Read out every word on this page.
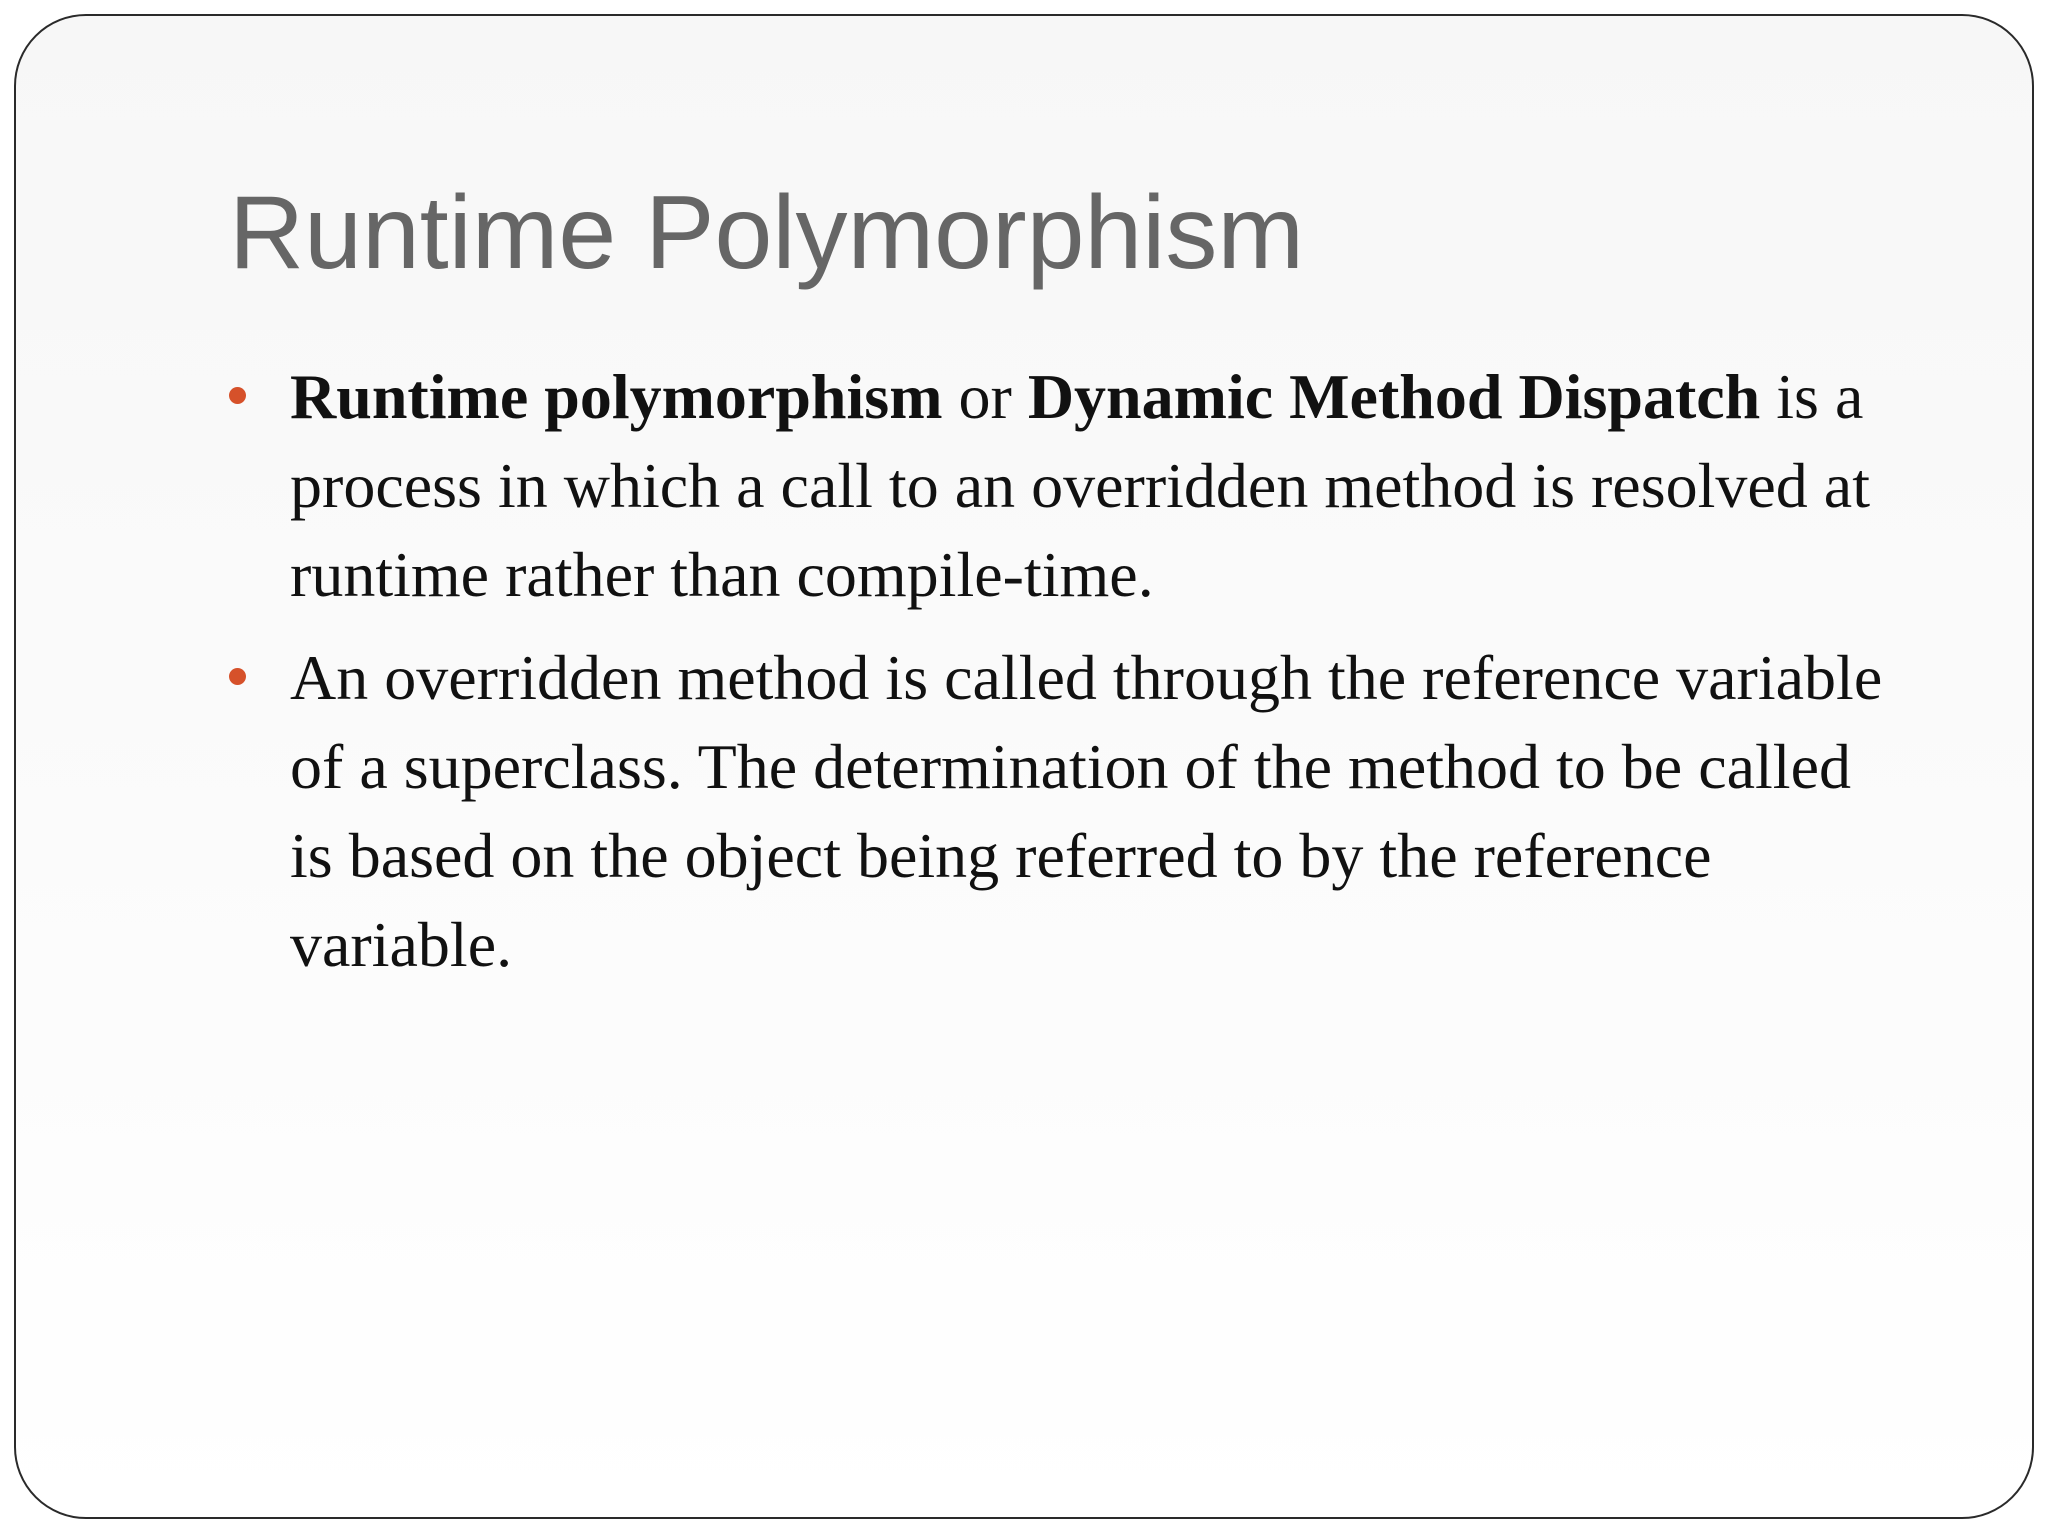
Runtime Polymorphism
Runtime polymorphism or Dynamic Method Dispatch is a process in which a call to an overridden method is resolved at runtime rather than compile-time.
An overridden method is called through the reference variable of a superclass. The determination of the method to be called is based on the object being referred to by the reference variable.
